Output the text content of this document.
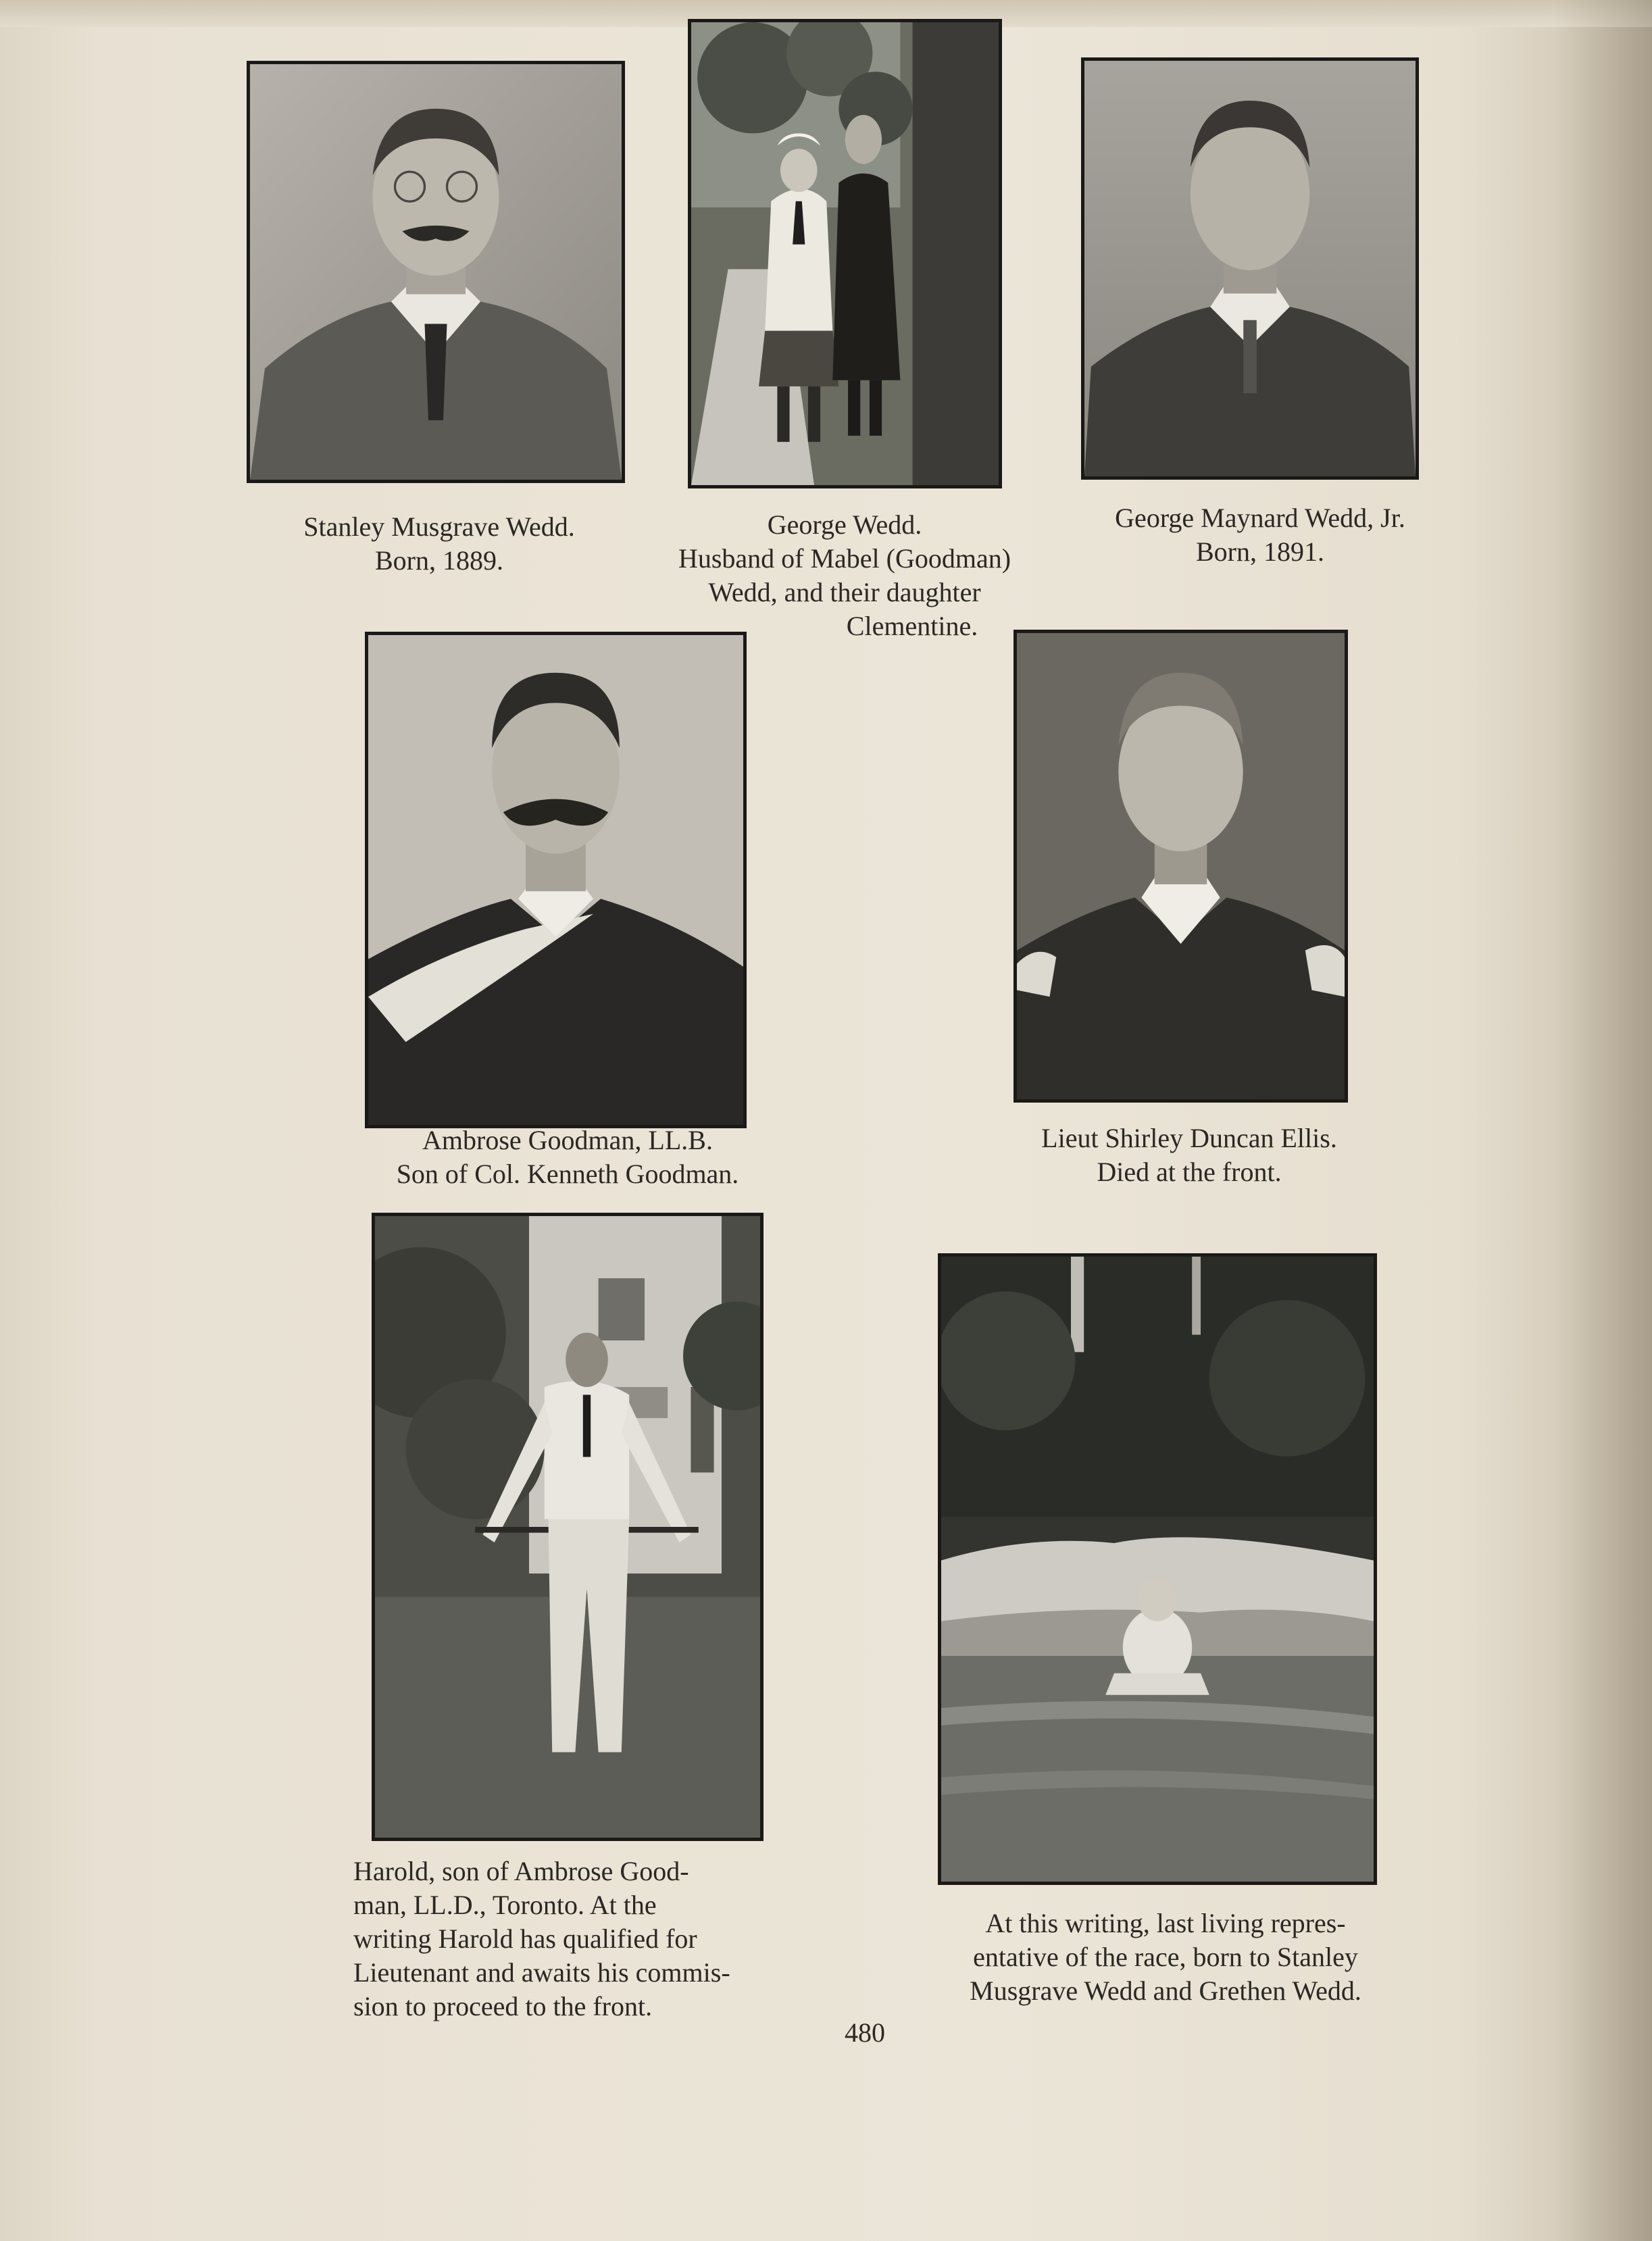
Stanley Musgrave Wedd.
Born, 1889.
George Wedd.
Husband of Mabel (Goodman)
Wedd, and their daughter
Clementine.
George Maynard Wedd, Jr.
Born, 1891.
Ambrose Goodman, LL.B.
Son of Col. Kenneth Goodman.
Lieut Shirley Duncan Ellis.
Died at the front.
Harold, son of Ambrose Good-
man, LL.D., Toronto. At the
writing Harold has qualified for
Lieutenant and awaits his commis-
sion to proceed to the front.
At this writing, last living repres-
entative of the race, born to Stanley
Musgrave Wedd and Grethen Wedd.
480
